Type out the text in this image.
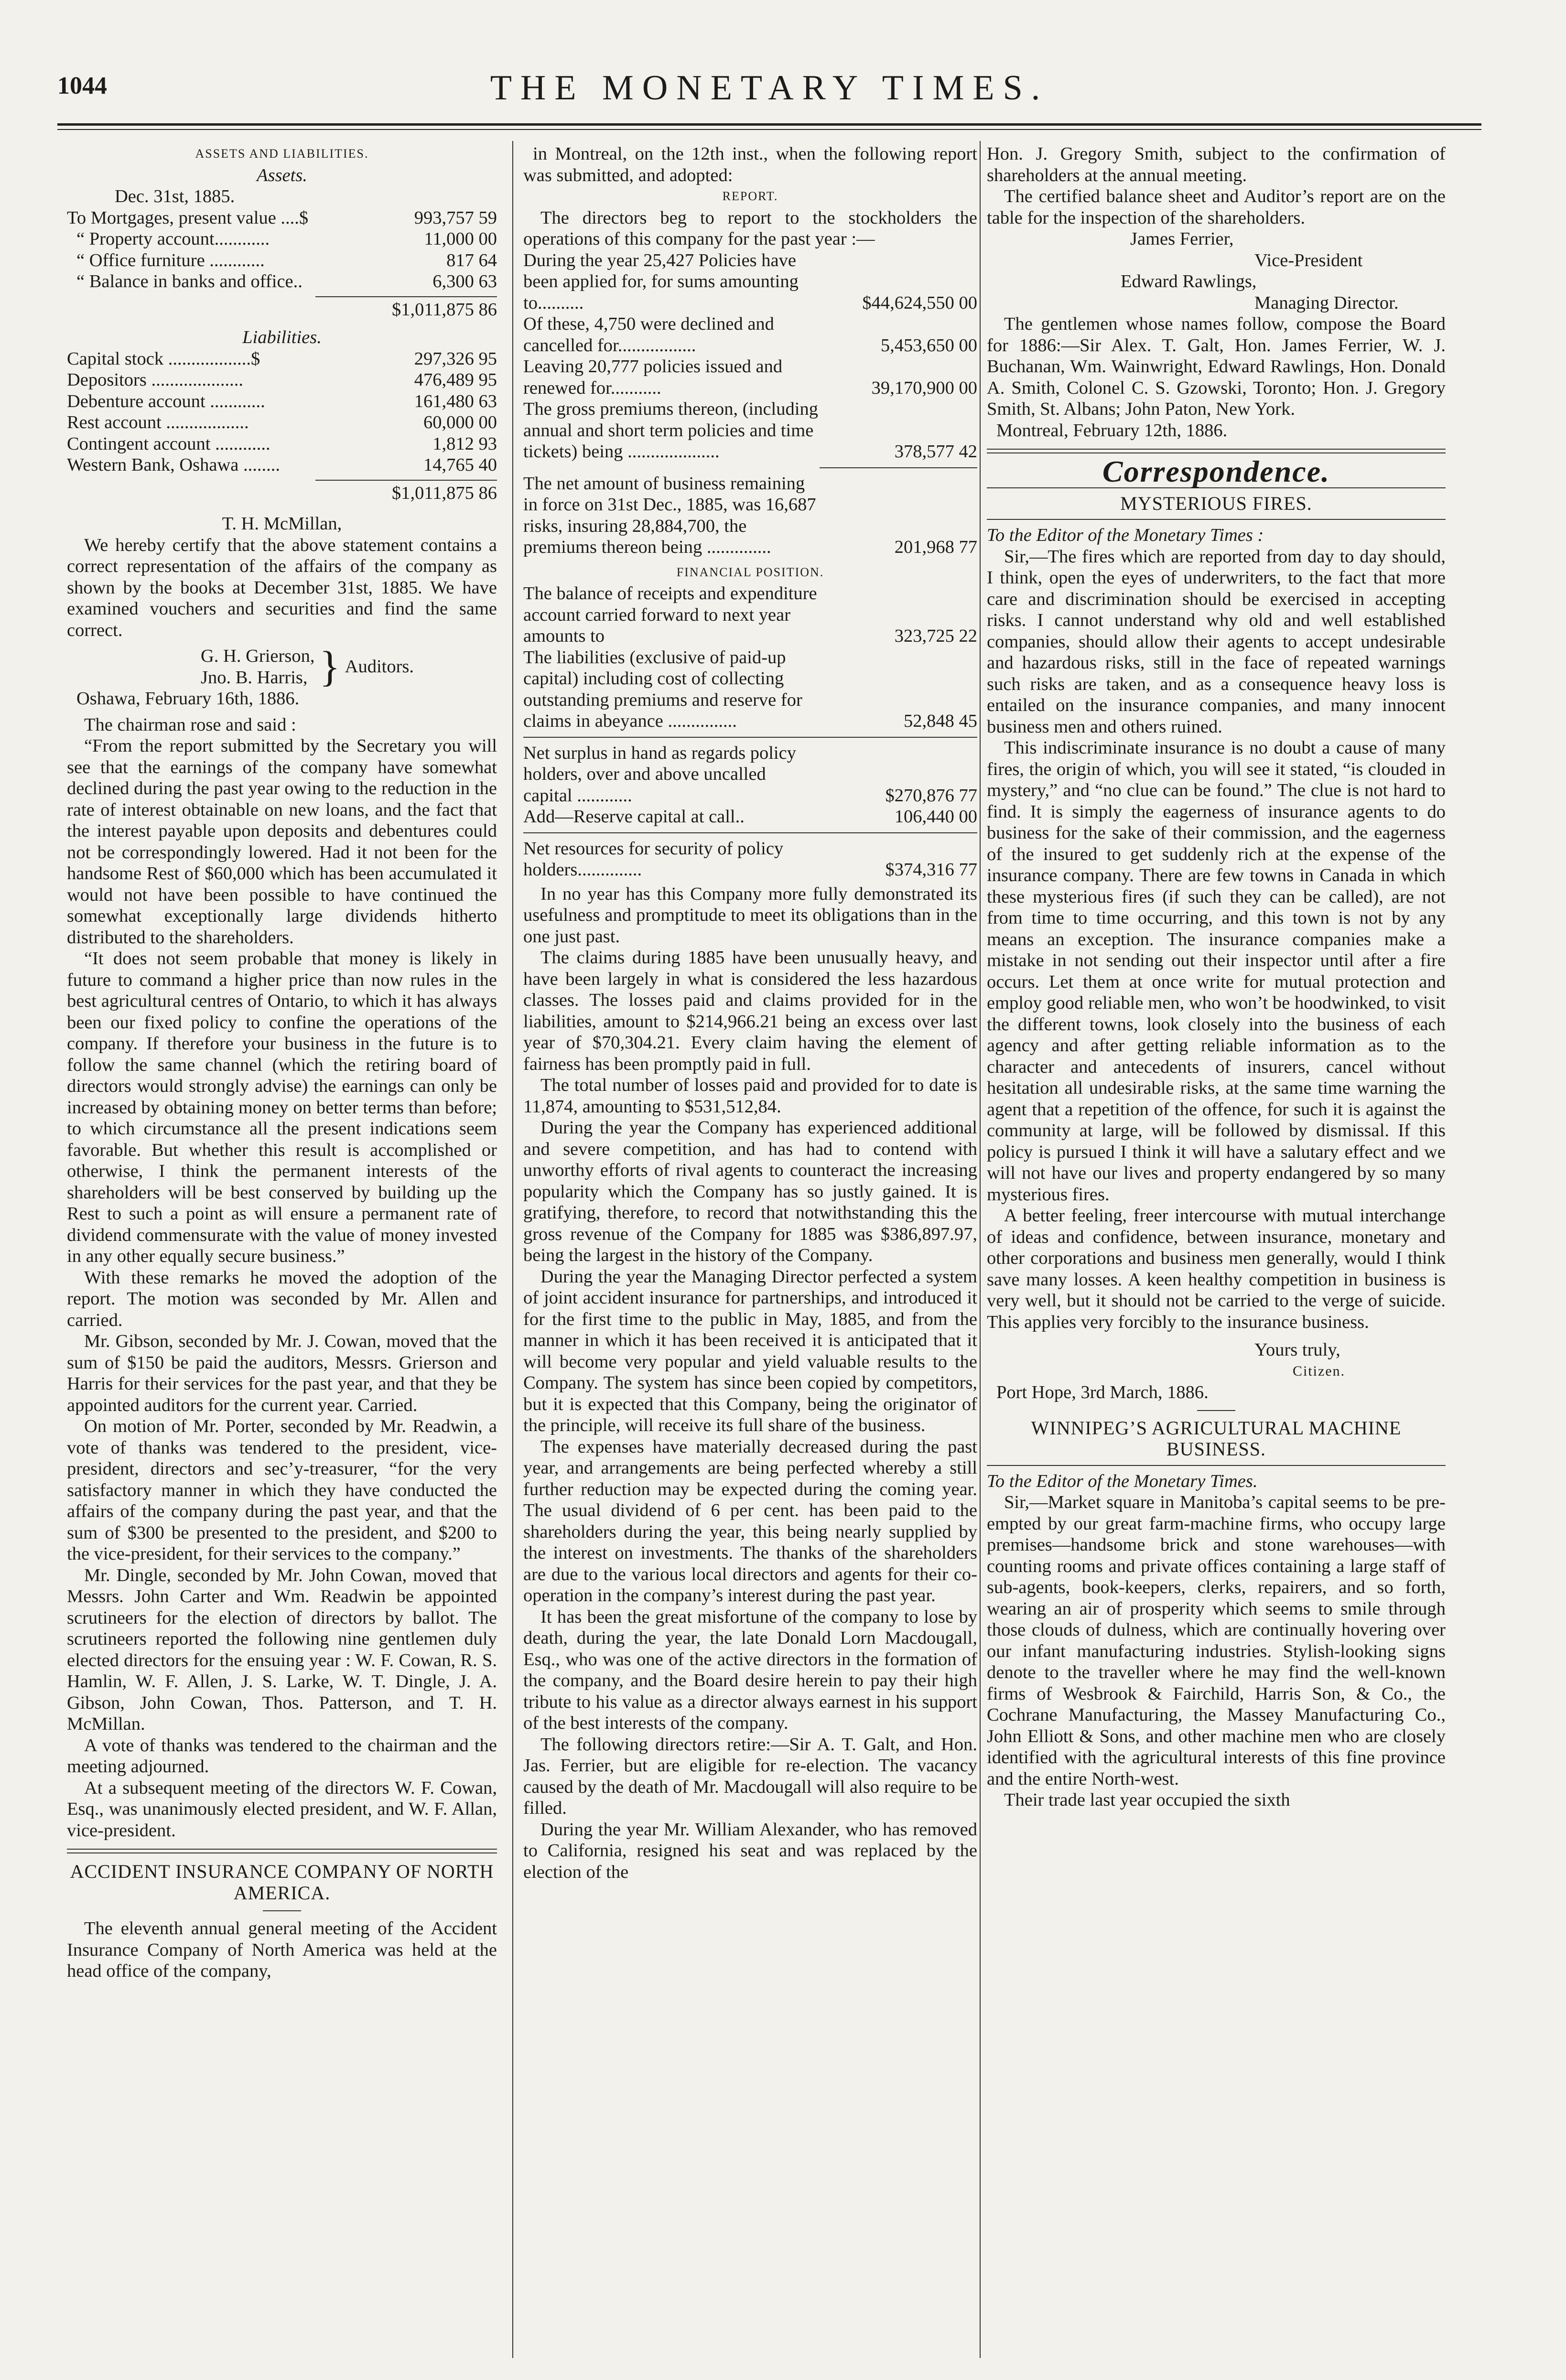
1044	THE MONETARY TIMES.
ASSETS AND LIABILITIES.
Assets.
Dec. 31st, 1885.
To Mortgages, present value ....$	993,757 59
“ Property account............	11,000 00
“ Office furniture ............	817 64
“ Balance in banks and office..	6,300 63
$1,011,875 86
Liabilities.
Capital stock ..................$	297,326 95
Depositors ....................	476,489 95
Debenture account ............	161,480 63
Rest account ..................	60,000 00
Contingent account ............	1,812 93
Western Bank, Oshawa ........	14,765 40
$1,011,875 86
T. H. McMillan,

We hereby certify that the above statement contains a correct representation of the affairs of the company as shown by the books at December 31st, 1885. We have examined vouchers and securities and find the same correct.

G. H. Grierson,
Jno. B. Harris, } Auditors.
Oshawa, February 16th, 1886.

The chairman rose and said :

“From the report submitted by the Secretary you will see that the earnings of the company have somewhat declined during the past year owing to the reduction in the rate of interest obtainable on new loans, and the fact that the interest payable upon deposits and debentures could not be correspondingly lowered. Had it not been for the handsome Rest of $60,000 which has been accumulated it would not have been possible to have continued the somewhat exceptionally large dividends hitherto distributed to the shareholders.

“It does not seem probable that money is likely in future to command a higher price than now rules in the best agricultural centres of Ontario, to which it has always been our fixed policy to confine the operations of the company. If therefore your business in the future is to follow the same channel (which the retiring board of directors would strongly advise) the earnings can only be increased by obtaining money on better terms than before; to which circumstance all the present indications seem favorable. But whether this result is accomplished or otherwise, I think the permanent interests of the shareholders will be best conserved by building up the Rest to such a point as will ensure a permanent rate of dividend commensurate with the value of money invested in any other equally secure business.”

With these remarks he moved the adoption of the report. The motion was seconded by Mr. Allen and carried.

Mr. Gibson, seconded by Mr. J. Cowan, moved that the sum of $150 be paid the auditors, Messrs. Grierson and Harris for their services for the past year, and that they be appointed auditors for the current year. Carried.

On motion of Mr. Porter, seconded by Mr. Readwin, a vote of thanks was tendered to the president, vice-president, directors and sec’y-treasurer, “for the very satisfactory manner in which they have conducted the affairs of the company during the past year, and that the sum of $300 be presented to the president, and $200 to the vice-president, for their services to the company.”

Mr. Dingle, seconded by Mr. John Cowan, moved that Messrs. John Carter and Wm. Readwin be appointed scrutineers for the election of directors by ballot. The scrutineers reported the following nine gentlemen duly elected directors for the ensuing year : W. F. Cowan, R. S. Hamlin, W. F. Allen, J. S. Larke, W. T. Dingle, J. A. Gibson, John Cowan, Thos. Patterson, and T. H. McMillan.

A vote of thanks was tendered to the chairman and the meeting adjourned.

At a subsequent meeting of the directors W. F. Cowan, Esq., was unanimously elected president, and W. F. Allan, vice-president.

ACCIDENT INSURANCE COMPANY OF NORTH AMERICA.

The eleventh annual general meeting of the Accident Insurance Company of North America was held at the head office of the company,

in Montreal, on the 12th inst., when the following report was submitted, and adopted:

REPORT.

The directors beg to report to the stockholders the operations of this company for the past year :—

During the year 25,427 Policies have been applied for, for sums amounting to..........	$44,624,550 00
Of these, 4,750 were declined and cancelled for.................	5,453,650 00
Leaving 20,777 policies issued and renewed for...........	39,170,900 00
The gross premiums thereon, (including annual and short term policies and time tickets) being ....................	378,577 42
The net amount of business remaining in force on 31st Dec., 1885, was 16,687 risks, insuring 28,884,700, the premiums thereon being ..............	201,968 77
FINANCIAL POSITION.
The balance of receipts and expenditure account carried forward to next year amounts to	323,725 22
The liabilities (exclusive of paid-up capital) including cost of collecting outstanding premiums and reserve for claims in abeyance ...............	52,848 45
Net surplus in hand as regards policy holders, over and above uncalled capital ............	$270,876 77
Add—Reserve capital at call..	106,440 00
Net resources for security of policy holders..............	$374,316 77

In no year has this Company more fully demonstrated its usefulness and promptitude to meet its obligations than in the one just past.

The claims during 1885 have been unusually heavy, and have been largely in what is considered the less hazardous classes. The losses paid and claims provided for in the liabilities, amount to $214,966.21 being an excess over last year of $70,304.21. Every claim having the element of fairness has been promptly paid in full.

The total number of losses paid and provided for to date is 11,874, amounting to $531,512,84.

During the year the Company has experienced additional and severe competition, and has had to contend with unworthy efforts of rival agents to counteract the increasing popularity which the Company has so justly gained. It is gratifying, therefore, to record that notwithstanding this the gross revenue of the Company for 1885 was $386,897.97, being the largest in the history of the Company.

During the year the Managing Director perfected a system of joint accident insurance for partnerships, and introduced it for the first time to the public in May, 1885, and from the manner in which it has been received it is anticipated that it will become very popular and yield valuable results to the Company. The system has since been copied by competitors, but it is expected that this Company, being the originator of the principle, will receive its full share of the business.

The expenses have materially decreased during the past year, and arrangements are being perfected whereby a still further reduction may be expected during the coming year. The usual dividend of 6 per cent. has been paid to the shareholders during the year, this being nearly supplied by the interest on investments. The thanks of the shareholders are due to the various local directors and agents for their co-operation in the company’s interest during the past year.

It has been the great misfortune of the company to lose by death, during the year, the late Donald Lorn Macdougall, Esq., who was one of the active directors in the formation of the company, and the Board desire herein to pay their high tribute to his value as a director always earnest in his support of the best interests of the company.

The following directors retire:—Sir A. T. Galt, and Hon. Jas. Ferrier, but are eligible for re-election. The vacancy caused by the death of Mr. Macdougall will also require to be filled.

During the year Mr. William Alexander, who has removed to California, resigned his seat and was replaced by the election of the

Hon. J. Gregory Smith, subject to the confirmation of shareholders at the annual meeting.

The certified balance sheet and Auditor’s report are on the table for the inspection of the shareholders.

James Ferrier,
Vice-President
Edward Rawlings,
Managing Director.

The gentlemen whose names follow, compose the Board for 1886:—Sir Alex. T. Galt, Hon. James Ferrier, W. J. Buchanan, Wm. Wainwright, Edward Rawlings, Hon. Donald A. Smith, Colonel C. S. Gzowski, Toronto; Hon. J. Gregory Smith, St. Albans; John Paton, New York.

Montreal, February 12th, 1886.
Correspondence.
MYSTERIOUS FIRES.
To the Editor of the Monetary Times :

Sir,—The fires which are reported from day to day should, I think, open the eyes of underwriters, to the fact that more care and discrimination should be exercised in accepting risks. I cannot understand why old and well established companies, should allow their agents to accept undesirable and hazardous risks, still in the face of repeated warnings such risks are taken, and as a consequence heavy loss is entailed on the insurance companies, and many innocent business men and others ruined.

This indiscriminate insurance is no doubt a cause of many fires, the origin of which, you will see it stated, “is clouded in mystery,” and “no clue can be found.” The clue is not hard to find. It is simply the eagerness of insurance agents to do business for the sake of their commission, and the eagerness of the insured to get suddenly rich at the expense of the insurance company. There are few towns in Canada in which these mysterious fires (if such they can be called), are not from time to time occurring, and this town is not by any means an exception. The insurance companies make a mistake in not sending out their inspector until after a fire occurs. Let them at once write for mutual protection and employ good reliable men, who won’t be hoodwinked, to visit the different towns, look closely into the business of each agency and after getting reliable information as to the character and antecedents of insurers, cancel without hesitation all undesirable risks, at the same time warning the agent that a repetition of the offence, for such it is against the community at large, will be followed by dismissal. If this policy is pursued I think it will have a salutary effect and we will not have our lives and property endangered by so many mysterious fires.

A better feeling, freer intercourse with mutual interchange of ideas and confidence, between insurance, monetary and other corporations and business men generally, would I think save many losses. A keen healthy competition in business is very well, but it should not be carried to the verge of suicide. This applies very forcibly to the insurance business.

Yours truly,
Citizen.
Port Hope, 3rd March, 1886.
WINNIPEG’S AGRICULTURAL MACHINE BUSINESS.
To the Editor of the Monetary Times.

Sir,—Market square in Manitoba’s capital seems to be pre-empted by our great farm-machine firms, who occupy large premises—handsome brick and stone warehouses—with counting rooms and private offices containing a large staff of sub-agents, book-keepers, clerks, repairers, and so forth, wearing an air of prosperity which seems to smile through those clouds of dulness, which are continually hovering over our infant manufacturing industries. Stylish-looking signs denote to the traveller where he may find the well-known firms of Wesbrook & Fairchild, Harris Son, & Co., the Cochrane Manufacturing, the Massey Manufacturing Co., John Elliott & Sons, and other machine men who are closely identified with the agricultural interests of this fine province and the entire North-west.

Their trade last year occupied the sixth
